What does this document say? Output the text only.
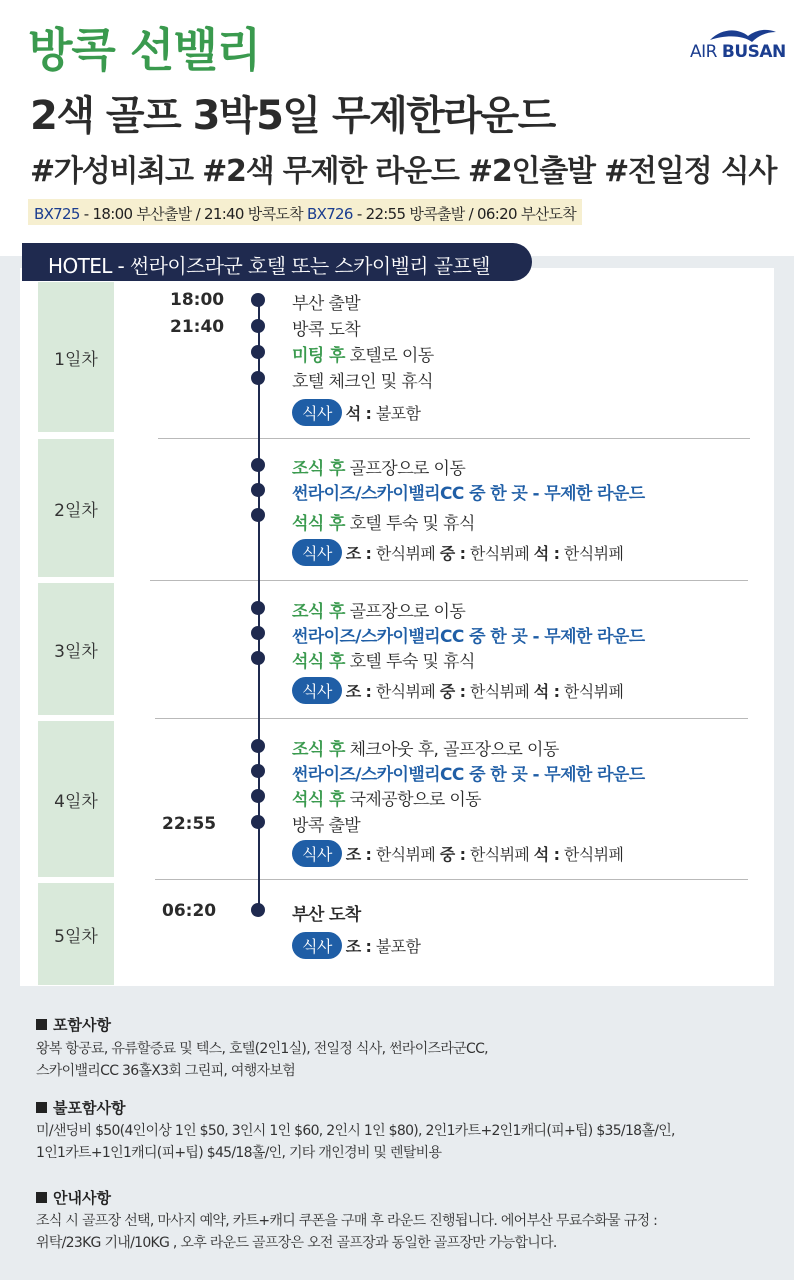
방콕 선밸리
2색 골프 3박5일 무제한라운드
#가성비최고 #2색 무제한 라운드 #2인출발 #전일정 식사
AIR BUSAN
BX725 - 18:00 부산출발 / 21:40 방콕도착 BX726 - 22:55 방콕출발 / 06:20 부산도착
HOTEL - 썬라이즈라군 호텔 또는 스카이벨리 골프텔
1일차
2일차
3일차
4일차
5일차
18:00
21:40
부산 출발
방콕 도착
미팅 후 호텔로 이동
호텔 체크인 및 휴식
식사 석 : 불포함
조식 후 골프장으로 이동
썬라이즈/스카이밸리CC 중 한 곳 - 무제한 라운드
석식 후 호텔 투숙 및 휴식
식사 조 : 한식뷔페 중 : 한식뷔페 석 : 한식뷔페
조식 후 골프장으로 이동
썬라이즈/스카이밸리CC 중 한 곳 - 무제한 라운드
석식 후 호텔 투숙 및 휴식
식사 조 : 한식뷔페 중 : 한식뷔페 석 : 한식뷔페
22:55
조식 후 체크아웃 후, 골프장으로 이동
썬라이즈/스카이밸리CC 중 한 곳 - 무제한 라운드
석식 후 국제공항으로 이동
방콕 출발
식사 조 : 한식뷔페 중 : 한식뷔페 석 : 한식뷔페
06:20	부산 도착
식사 조 : 불포함
포함사항
왕복 항공료, 유류할증료 및 텍스, 호텔(2인1실), 전일정 식사, 썬라이즈라군CC,
스카이밸리CC 36홀X3회 그린피, 여행자보험
불포함사항
미/샌딩비 $50(4인이상 1인 $50, 3인시 1인 $60, 2인시 1인 $80), 2인1카트+2인1캐디(피+팁) $35/18홀/인,
1인1카트+1인1캐디(피+팁) $45/18홀/인, 기타 개인경비 및 렌탈비용
안내사항
조식 시 골프장 선택, 마사지 예약, 카트+캐디 쿠폰을 구매 후 라운드 진행됩니다. 에어부산 무료수화물 규정 :
위탁/23KG 기내/10KG , 오후 라운드 골프장은 오전 골프장과 동일한 골프장만 가능합니다.
